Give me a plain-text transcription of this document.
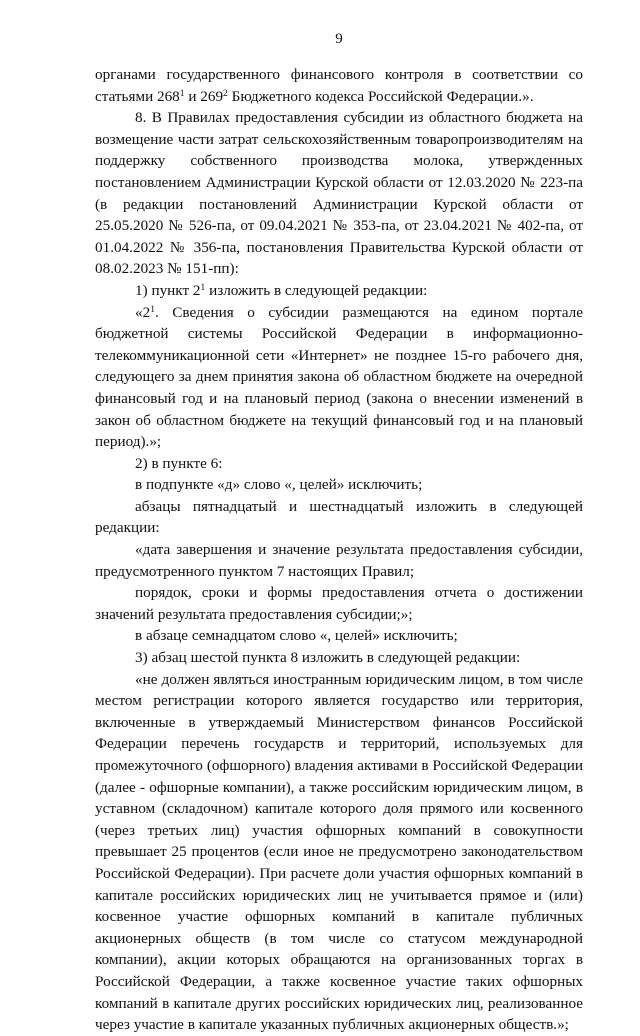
9

органами государственного финансового контроля в соответствии со статьями $268^1$ и $269^2$ Бюджетного кодекса Российской Федерации.».

8. В Правилах предоставления субсидии из областного бюджета на возмещение части затрат сельскохозяйственным товаропроизводителям на поддержку собственного производства молока, утвержденных постановлением Администрации Курской области от 12.03.2020 № 223-па (в редакции постановлений Администрации Курской области от 25.05.2020 № 526-па, от 09.04.2021 № 353-па, от 23.04.2021 № 402-па, от 01.04.2022 № 356-па, постановления Правительства Курской области от 08.02.2023 № 151-пп):

1) пункт $2^1$ изложить в следующей редакции:

«$2^1$. Сведения о субсидии размещаются на едином портале бюджетной системы Российской Федерации в информационно-телекоммуникационной сети «Интернет» не позднее 15-го рабочего дня, следующего за днем принятия закона об областном бюджете на очередной финансовый год и на плановый период (закона о внесении изменений в закон об областном бюджете на текущий финансовый год и на плановый период).»;

2) в пункте 6:

в подпункте «д» слово «, целей» исключить;

абзацы пятнадцатый и шестнадцатый изложить в следующей редакции:

«дата завершения и значение результата предоставления субсидии, предусмотренного пунктом 7 настоящих Правил;

порядок, сроки и формы предоставления отчета о достижении значений результата предоставления субсидии;»;

в абзаце семнадцатом слово «, целей» исключить;

3) абзац шестой пункта 8 изложить в следующей редакции:

«не должен являться иностранным юридическим лицом, в том числе местом регистрации которого является государство или территория, включенные в утверждаемый Министерством финансов Российской Федерации перечень государств и территорий, используемых для промежуточного (офшорного) владения активами в Российской Федерации (далее - офшорные компании), а также российским юридическим лицом, в уставном (складочном) капитале которого доля прямого или косвенного (через третьих лиц) участия офшорных компаний в совокупности превышает 25 процентов (если иное не предусмотрено законодательством Российской Федерации). При расчете доли участия офшорных компаний в капитале российских юридических лиц не учитывается прямое и (или) косвенное участие офшорных компаний в капитале публичных акционерных обществ (в том числе со статусом международной компании), акции которых обращаются на организованных торгах в Российской Федерации, а также косвенное участие таких офшорных компаний в капитале других российских юридических лиц, реализованное через участие в капитале указанных публичных акционерных обществ.»;
